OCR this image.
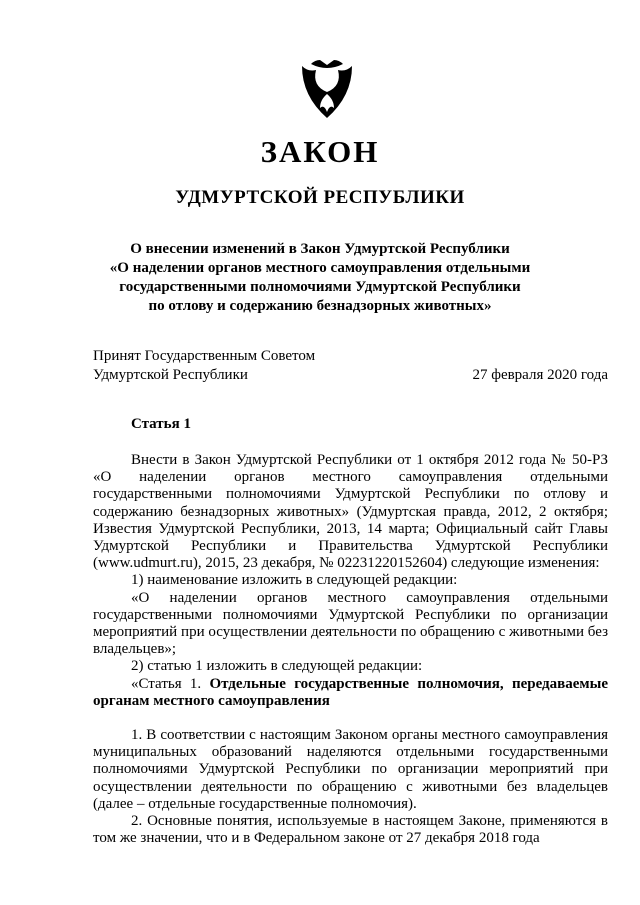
ЗАКОН
УДМУРТСКОЙ РЕСПУБЛИКИ
О внесении изменений в Закон Удмуртской Республики
«О наделении органов местного самоуправления отдельными
государственными полномочиями Удмуртской Республики
по отлову и содержанию безнадзорных животных»
Принят Государственным Советом
Удмуртской Республики	27 февраля 2020 года
Статья 1

Внести в Закон Удмуртской Республики от 1 октября 2012 года № 50-РЗ «О наделении органов местного самоуправления отдельными государственными полномочиями Удмуртской Республики по отлову и содержанию безнадзорных животных» (Удмуртская правда, 2012, 2 октября; Известия Удмуртской Республики, 2013, 14 марта; Официальный сайт Главы Удмуртской Республики и Правительства Удмуртской Республики (www.udmurt.ru), 2015, 23 декабря, № 02231220152604) следующие изменения:

1) наименование изложить в следующей редакции:

«О наделении органов местного самоуправления отдельными государственными полномочиями Удмуртской Республики по организации мероприятий при осуществлении деятельности по обращению с животными без владельцев»;

2) статью 1 изложить в следующей редакции:

«Статья 1. Отдельные государственные полномочия, передаваемые органам местного самоуправления

1. В соответствии с настоящим Законом органы местного самоуправления муниципальных образований наделяются отдельными государственными полномочиями Удмуртской Республики по организации мероприятий при осуществлении деятельности по обращению с животными без владельцев (далее – отдельные государственные полномочия).

2. Основные понятия, используемые в настоящем Законе, применяются в том же значении, что и в Федеральном законе от 27 декабря 2018 года
